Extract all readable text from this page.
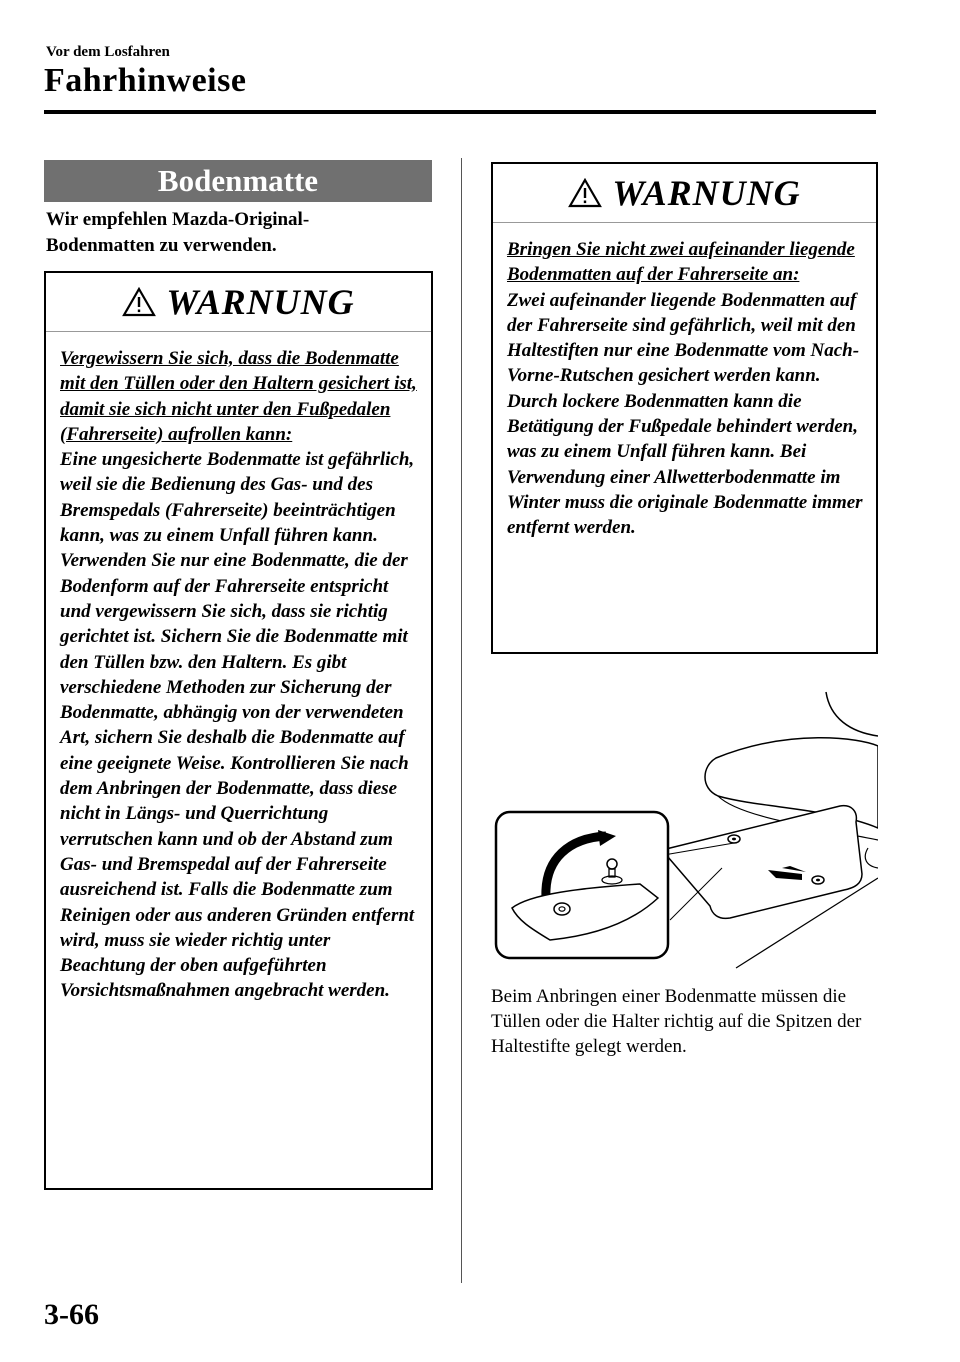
Vor dem Losfahren
Fahrhinweise
Bodenmatte
Wir empfehlen Mazda-Original-
Bodenmatten zu verwenden.
WARNUNG

Vergewissern Sie sich, dass die Bodenmatte mit den Tüllen oder den Haltern gesichert ist, damit sie sich nicht unter den Fußpedalen (Fahrerseite) aufrollen kann:

Eine ungesicherte Bodenmatte ist gefährlich, weil sie die Bedienung des Gas- und des Bremspedals (Fahrerseite) beeinträchtigen kann, was zu einem Unfall führen kann. Verwenden Sie nur eine Bodenmatte, die der Bodenform auf der Fahrerseite entspricht und vergewissern Sie sich, dass sie richtig gerichtet ist. Sichern Sie die Bodenmatte mit den Tüllen bzw. den Haltern. Es gibt verschiedene Methoden zur Sicherung der Bodenmatte, abhängig von der verwendeten Art, sichern Sie deshalb die Bodenmatte auf eine geeignete Weise. Kontrollieren Sie nach dem Anbringen der Bodenmatte, dass diese nicht in Längs- und Querrichtung verrutschen kann und ob der Abstand zum Gas- und Bremspedal auf der Fahrerseite ausreichend ist. Falls die Bodenmatte zum Reinigen oder aus anderen Gründen entfernt wird, muss sie wieder richtig unter Beachtung der oben aufgeführten Vorsichtsmaßnahmen angebracht werden.

WARNUNG

Bringen Sie nicht zwei aufeinander liegende Bodenmatten auf der Fahrerseite an:

Zwei aufeinander liegende Bodenmatten auf der Fahrerseite sind gefährlich, weil mit den Haltestiften nur eine Bodenmatte vom Nach-Vorne-Rutschen gesichert werden kann. Durch lockere Bodenmatten kann die Betätigung der Fußpedale behindert werden, was zu einem Unfall führen kann. Bei Verwendung einer Allwetterbodenmatte im Winter muss die originale Bodenmatte immer entfernt werden.

Beim Anbringen einer Bodenmatte müssen die Tüllen oder die Halter richtig auf die Spitzen der Haltestifte gelegt werden.
3-66
